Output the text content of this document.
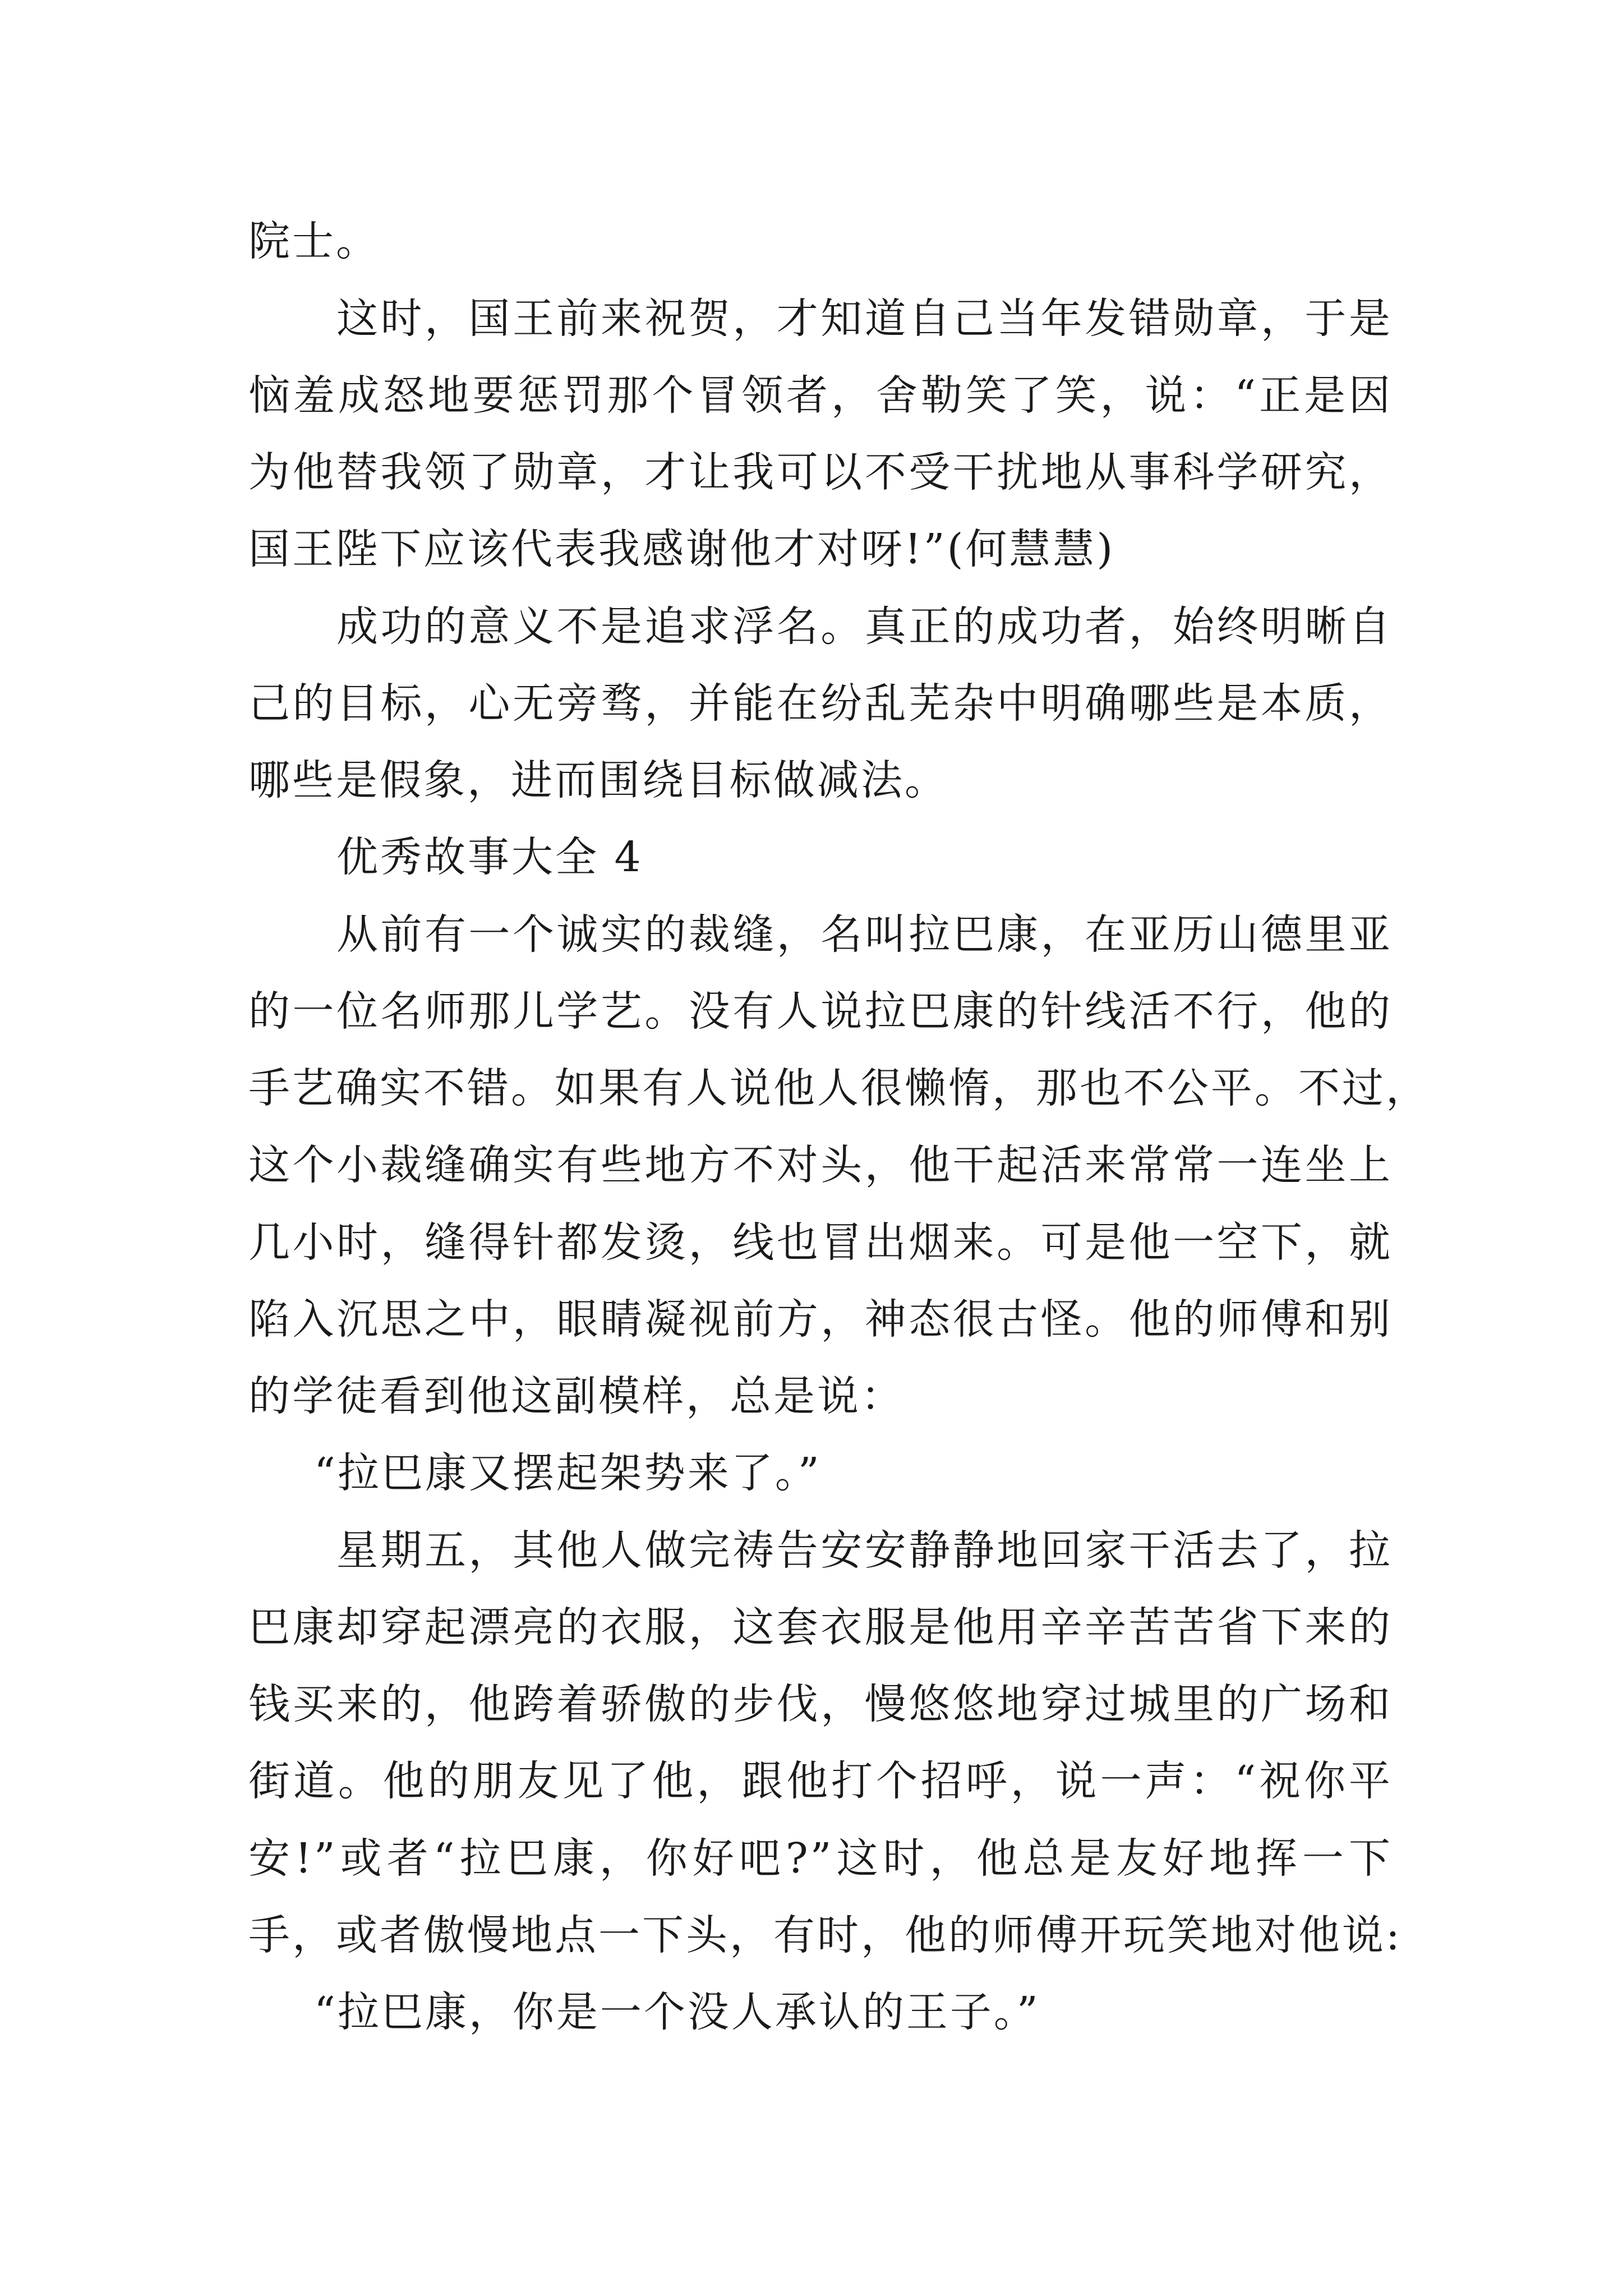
院士。
这时，国王前来祝贺，才知道自己当年发错勋章，于是
恼羞成怒地要惩罚那个冒领者，舍勒笑了笑，说：“正是因
为他替我领了勋章，才让我可以不受干扰地从事科学研究，
国王陛下应该代表我感谢他才对呀!”(何慧慧)
成功的意义不是追求浮名。真正的成功者，始终明晰自
己的目标，心无旁骛，并能在纷乱芜杂中明确哪些是本质，
哪些是假象，进而围绕目标做减法。
优秀故事大全 4
从前有一个诚实的裁缝，名叫拉巴康，在亚历山德里亚
的一位名师那儿学艺。没有人说拉巴康的针线活不行，他的
手艺确实不错。如果有人说他人很懒惰，那也不公平。不过，
这个小裁缝确实有些地方不对头，他干起活来常常一连坐上
几小时，缝得针都发烫，线也冒出烟来。可是他一空下，就
陷入沉思之中，眼睛凝视前方，神态很古怪。他的师傅和别
的学徒看到他这副模样，总是说：
“拉巴康又摆起架势来了。”
星期五，其他人做完祷告安安静静地回家干活去了，拉
巴康却穿起漂亮的衣服，这套衣服是他用辛辛苦苦省下来的
钱买来的，他跨着骄傲的步伐，慢悠悠地穿过城里的广场和
街道。他的朋友见了他，跟他打个招呼，说一声：“祝你平
安!”或者“拉巴康，你好吧?”这时，他总是友好地挥一下
手，或者傲慢地点一下头，有时，他的师傅开玩笑地对他说:
“拉巴康，你是一个没人承认的王子。”
